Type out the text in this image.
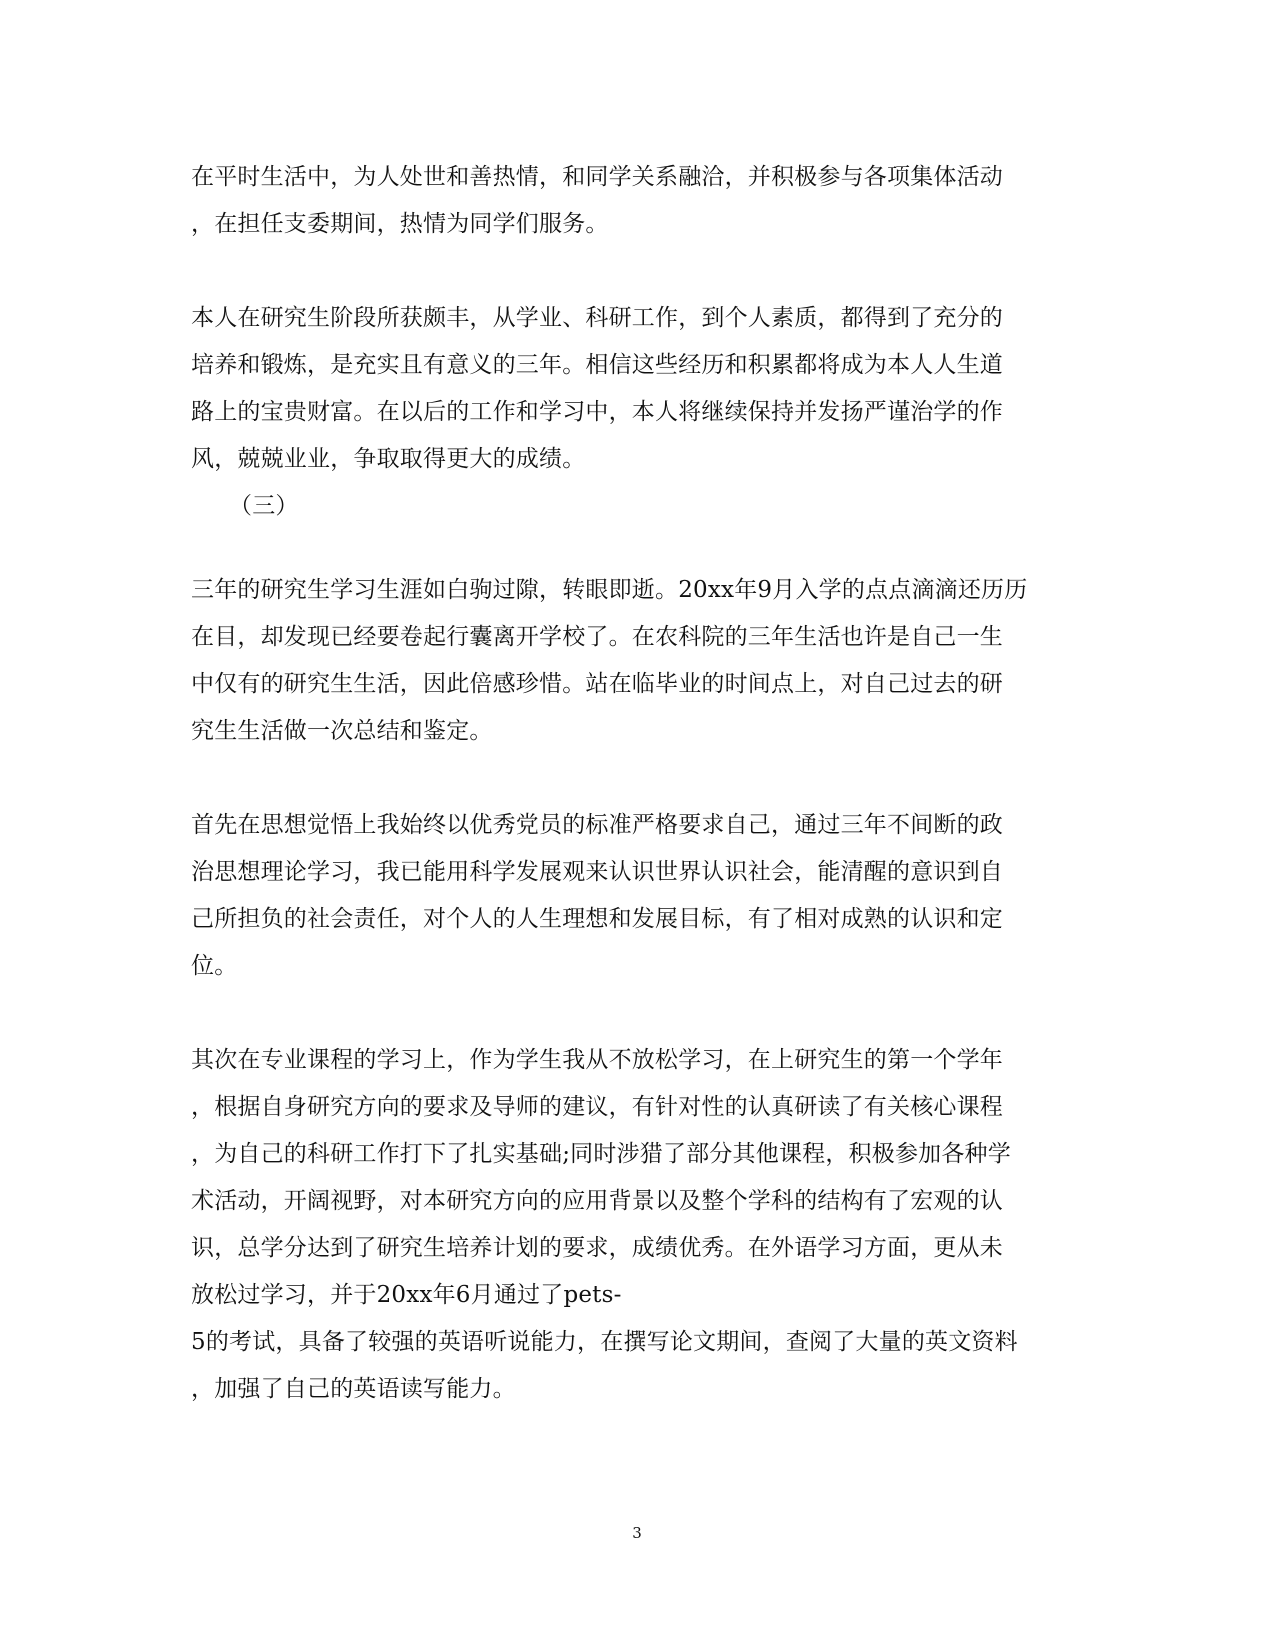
在平时生活中，为人处世和善热情，和同学关系融洽，并积极参与各项集体活动
，在担任支委期间，热情为同学们服务。
本人在研究生阶段所获颇丰，从学业、科研工作，到个人素质，都得到了充分的
培养和锻炼，是充实且有意义的三年。相信这些经历和积累都将成为本人人生道
路上的宝贵财富。在以后的工作和学习中，本人将继续保持并发扬严谨治学的作
风，兢兢业业，争取取得更大的成绩。
（三）
三年的研究生学习生涯如白驹过隙，转眼即逝。20xx年9月入学的点点滴滴还历历
在目，却发现已经要卷起行囊离开学校了。在农科院的三年生活也许是自己一生
中仅有的研究生生活，因此倍感珍惜。站在临毕业的时间点上，对自己过去的研
究生生活做一次总结和鉴定。
首先在思想觉悟上我始终以优秀党员的标准严格要求自己，通过三年不间断的政
治思想理论学习，我已能用科学发展观来认识世界认识社会，能清醒的意识到自
己所担负的社会责任，对个人的人生理想和发展目标，有了相对成熟的认识和定
位。
其次在专业课程的学习上，作为学生我从不放松学习，在上研究生的第一个学年
，根据自身研究方向的要求及导师的建议，有针对性的认真研读了有关核心课程
，为自己的科研工作打下了扎实基础;同时涉猎了部分其他课程，积极参加各种学
术活动，开阔视野，对本研究方向的应用背景以及整个学科的结构有了宏观的认
识，总学分达到了研究生培养计划的要求，成绩优秀。在外语学习方面，更从未
放松过学习，并于20xx年6月通过了pets-
5的考试，具备了较强的英语听说能力，在撰写论文期间，查阅了大量的英文资料
，加强了自己的英语读写能力。
3
